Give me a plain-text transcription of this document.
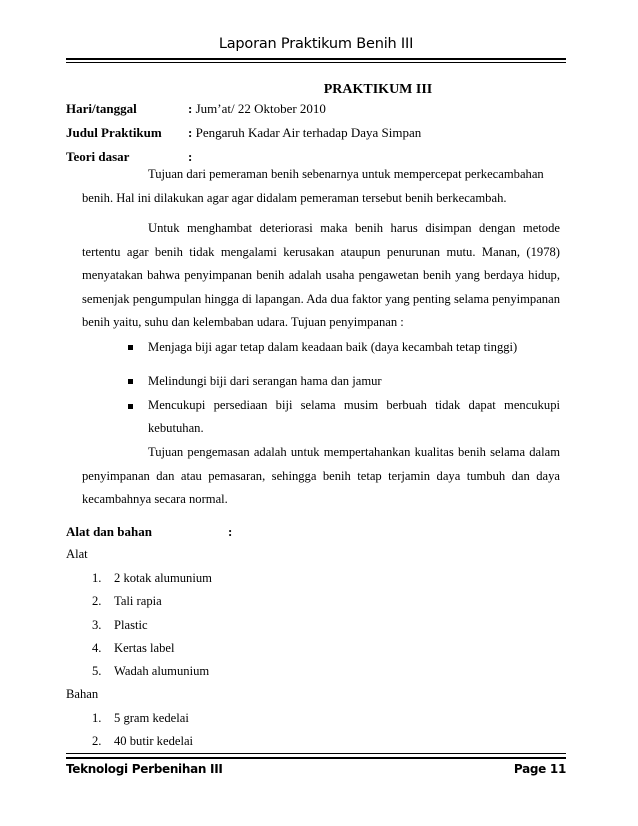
Laporan Praktikum Benih III
PRAKTIKUM III
Hari/tanggal	: Jum’at/ 22 Oktober 2010
Judul Praktikum : Pengaruh Kadar Air terhadap Daya Simpan
Teori dasar	:
Tujuan dari pemeraman benih sebenarnya untuk mempercepat perkecambahan
benih. Hal ini dilakukan agar agar didalam pemeraman tersebut benih berkecambah.
Untuk menghambat deteriorasi maka benih harus disimpan dengan metode tertentu agar benih tidak mengalami kerusakan ataupun penurunan mutu. Manan, (1978) menyatakan bahwa penyimpanan benih adalah usaha pengawetan benih yang berdaya hidup, semenjak pengumpulan hingga di lapangan. Ada dua faktor yang penting selama penyimpanan benih yaitu, suhu dan kelembaban udara. Tujuan penyimpanan :
Menjaga biji agar tetap dalam keadaan baik (daya kecambah tetap tinggi)
Melindungi biji dari serangan hama dan jamur
Mencukupi persediaan biji selama musim berbuah tidak dapat mencukupi kebutuhan.
Tujuan pengemasan adalah untuk mempertahankan kualitas benih selama dalam penyimpanan dan atau pemasaran, sehingga benih tetap terjamin daya tumbuh dan daya kecambahnya secara normal.
Alat dan bahan	:
Alat
1. 2 kotak alumunium
2. Tali rapia
3. Plastic
4. Kertas label
5. Wadah alumunium
Bahan
1. 5 gram kedelai
2. 40 butir kedelai
Teknologi Perbenihan III	Page 11
